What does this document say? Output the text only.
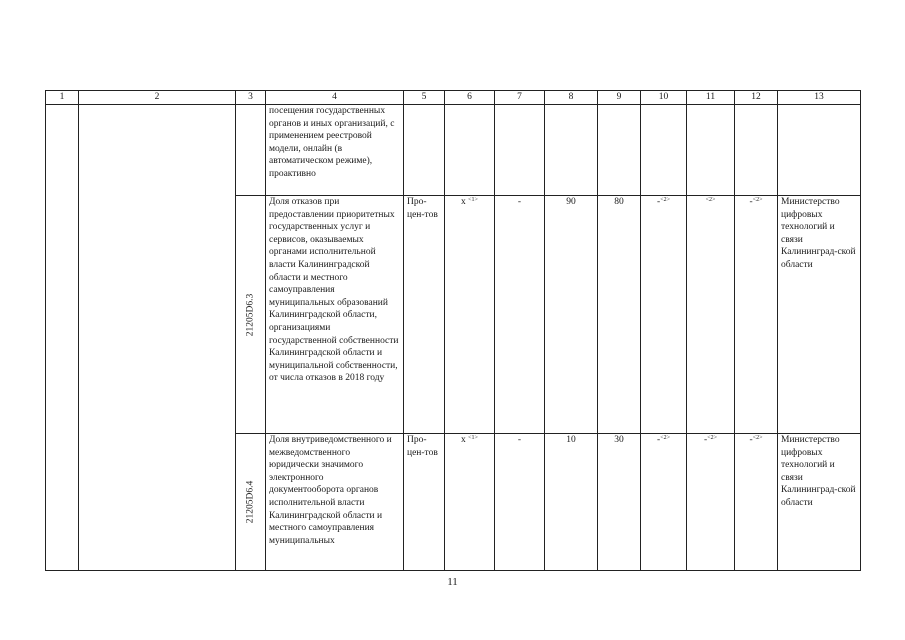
1	2	3	4	5	6	7	8	9	10	11	12	13
			посещения государственных органов и иных организаций, с применением реестровой модели, онлайн (в автоматическом режиме), проактивно									

		21205D6.3	Доля отказов при предоставлении приоритетных государственных услуг и сервисов, оказываемых органами исполнительной власти Калининградской области и местного самоуправления муниципальных образований Калининградской области, организациями государственной собственности Калининградской области и муниципальной собственности, от числа отказов в 2018 году	Про-цен-тов	х $^{<1>}$	-	90	80	-$^{<2>}$	$^{<2>}$	-$^{<2>}$	Министерство цифровых технологий и связи Калининград-ской области

		21205D6.4	Доля внутриведомственного и межведомственного юридически значимого электронного документооборота органов исполнительной власти Калининградской области и местного самоуправления муниципальных	Про-цен-тов	х $^{<1>}$	-	10	30	-$^{<2>}$	-$^{<2>}$	-$^{<2>}$	Министерство цифровых технологий и связи Калининград-ской области
11
